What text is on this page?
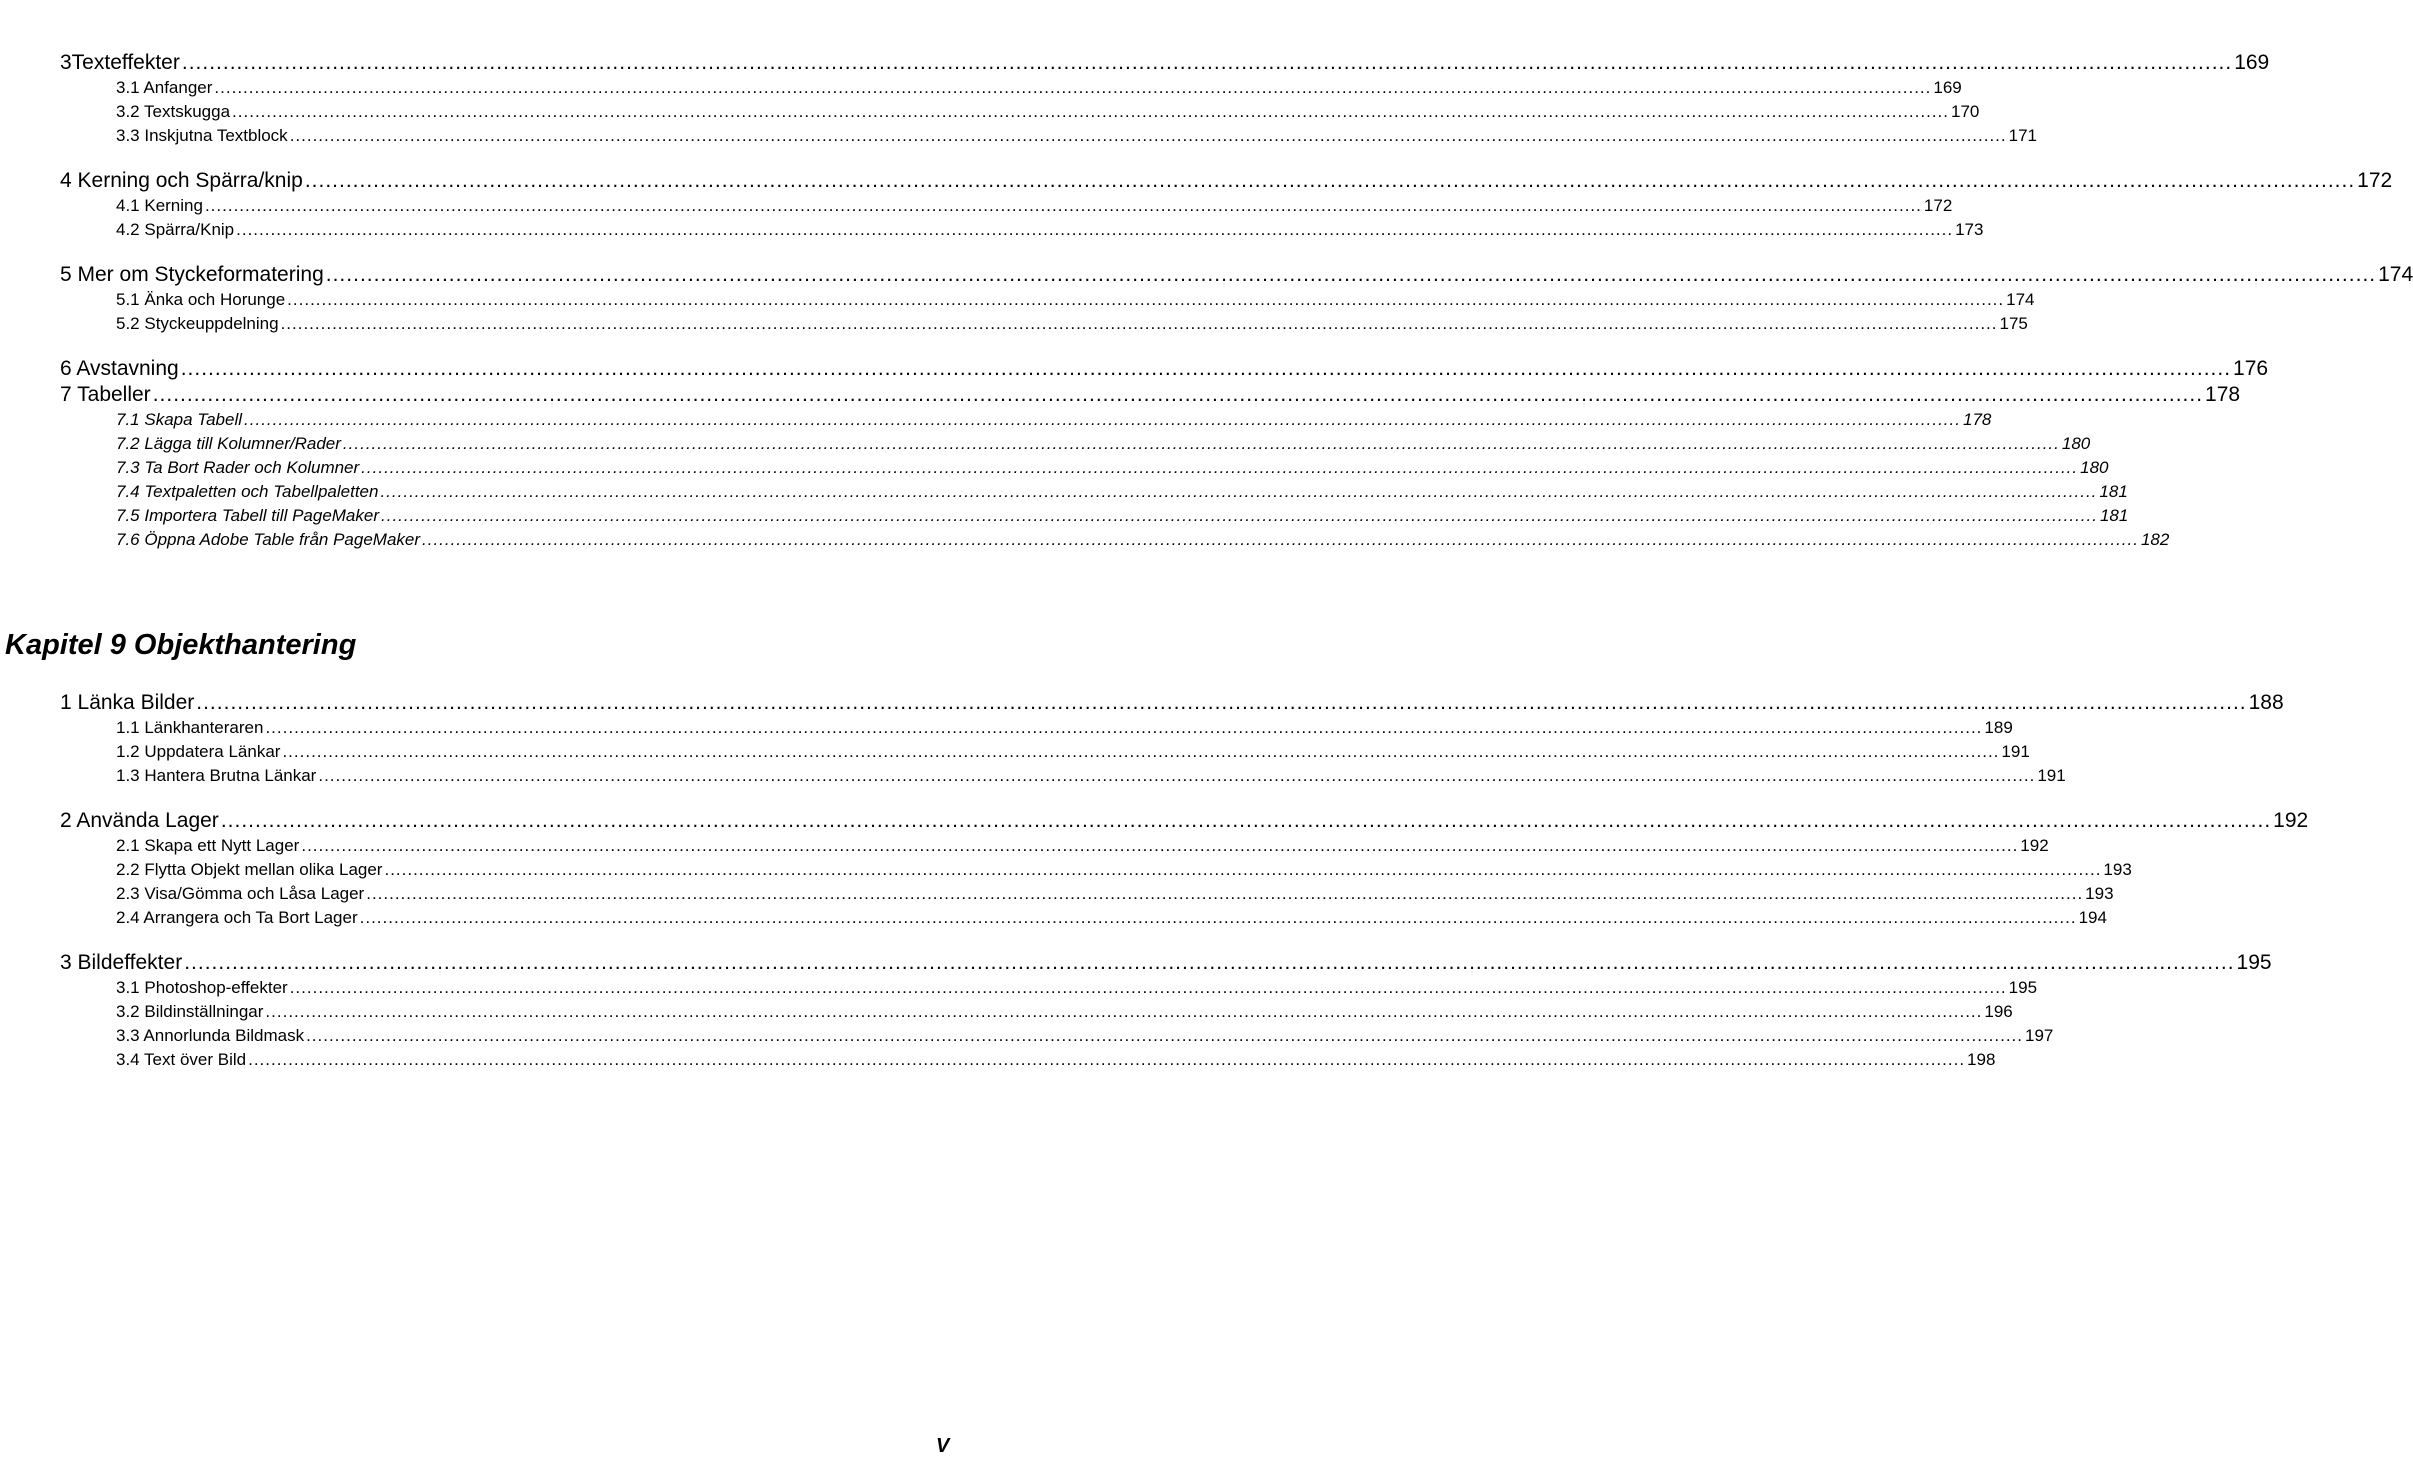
3Texteffekter ............................................................................................................................................................................................................................................................................................................ 169
3.1 Anfanger ............................................................................................................................................................................................................................................................................................................ 169
3.2 Textskugga ............................................................................................................................................................................................................................................................................................................ 170
3.3 Inskjutna Textblock ............................................................................................................................................................................................................................................................................................................ 171
4 Kerning och Spärra/knip ............................................................................................................................................................................................................................................................................................................ 172
4.1 Kerning ............................................................................................................................................................................................................................................................................................................ 172
4.2 Spärra/Knip ............................................................................................................................................................................................................................................................................................................ 173
5 Mer om Styckeformatering ............................................................................................................................................................................................................................................................................................................ 174
5.1 Änka och Horunge ............................................................................................................................................................................................................................................................................................................ 174
5.2 Styckeuppdelning ............................................................................................................................................................................................................................................................................................................ 175
6 Avstavning ............................................................................................................................................................................................................................................................................................................ 176
7 Tabeller ............................................................................................................................................................................................................................................................................................................ 178
7.1 Skapa Tabell ............................................................................................................................................................................................................................................................................................................ 178
7.2 Lägga till Kolumner/Rader ............................................................................................................................................................................................................................................................................................................ 180
7.3 Ta Bort Rader och Kolumner ............................................................................................................................................................................................................................................................................................................ 180
7.4 Textpaletten och Tabellpaletten ............................................................................................................................................................................................................................................................................................................ 181
7.5 Importera Tabell till PageMaker ............................................................................................................................................................................................................................................................................................................ 181
7.6 Öppna Adobe Table från PageMaker ............................................................................................................................................................................................................................................................................................................ 182
Kapitel 9 Objekthantering
1 Länka Bilder ............................................................................................................................................................................................................................................................................................................ 188
1.1 Länkhanteraren ............................................................................................................................................................................................................................................................................................................ 189
1.2 Uppdatera Länkar ............................................................................................................................................................................................................................................................................................................ 191
1.3 Hantera Brutna Länkar ............................................................................................................................................................................................................................................................................................................ 191
2 Använda Lager ............................................................................................................................................................................................................................................................................................................ 192
2.1 Skapa ett Nytt Lager ............................................................................................................................................................................................................................................................................................................ 192
2.2 Flytta Objekt mellan olika Lager ............................................................................................................................................................................................................................................................................................................ 193
2.3 Visa/Gömma och Låsa Lager ............................................................................................................................................................................................................................................................................................................ 193
2.4 Arrangera och Ta Bort Lager ............................................................................................................................................................................................................................................................................................................ 194
3 Bildeffekter ............................................................................................................................................................................................................................................................................................................ 195
3.1 Photoshop-effekter ............................................................................................................................................................................................................................................................................................................ 195
3.2 Bildinställningar ............................................................................................................................................................................................................................................................................................................ 196
3.3 Annorlunda Bildmask ............................................................................................................................................................................................................................................................................................................ 197
3.4 Text över Bild ............................................................................................................................................................................................................................................................................................................ 198
V
